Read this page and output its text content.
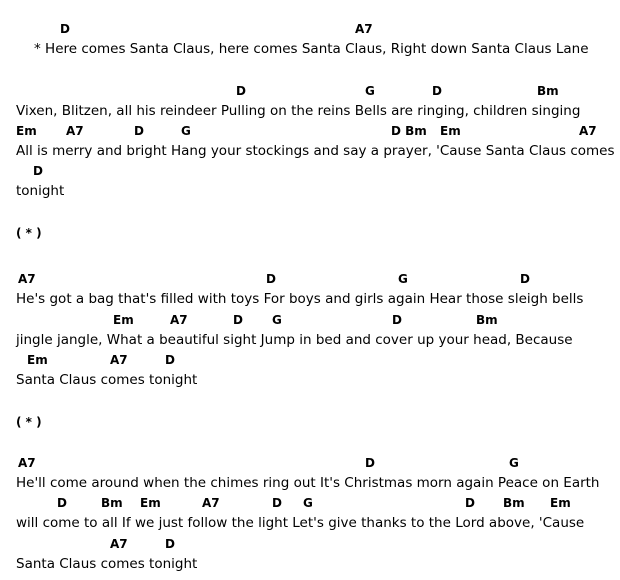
D	A7
* Here comes Santa Claus, here comes Santa Claus, Right down Santa Claus Lane
D	G	D	Bm
Vixen, Blitzen, all his reindeer Pulling on the reins Bells are ringing, children singing
Em A7	D	G	D Bm Em	A7
All is merry and bright Hang your stockings and say a prayer, 'Cause Santa Claus comes
D
tonight
( * )
A7	D	G	D
He's got a bag that's filled with toys For boys and girls again Hear those sleigh bells
Em	A7	D G	D	Bm
jingle jangle, What a beautiful sight Jump in bed and cover up your head, Because
Em	A7	D
Santa Claus comes tonight
( * )
A7	D	G
He'll come around when the chimes ring out It's Christmas morn again Peace on Earth
D	Bm Em	A7	D G	D Bm Em
will come to all If we just follow the light Let's give thanks to the Lord above, 'Cause
A7	D
Santa Claus comes tonight
